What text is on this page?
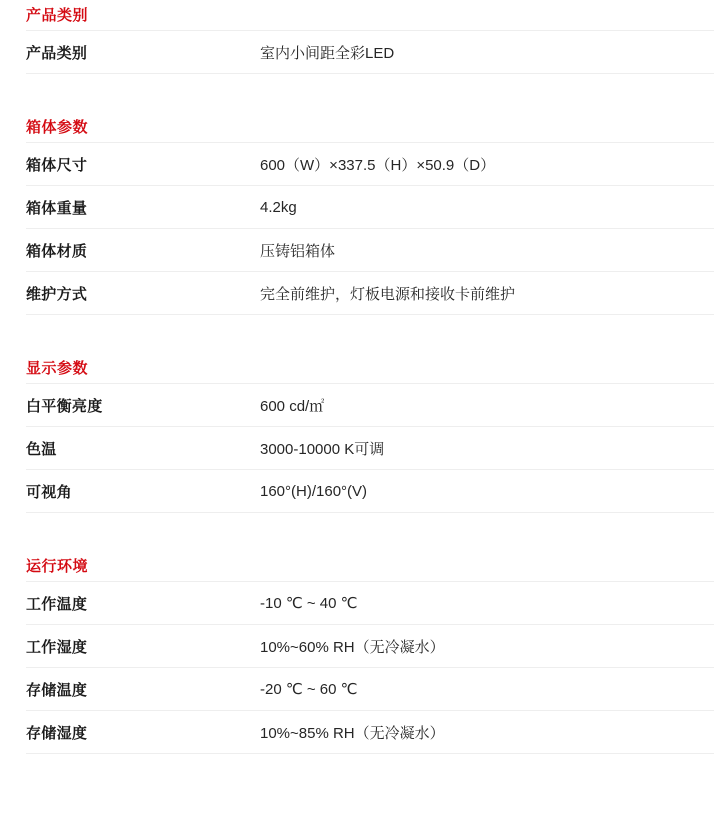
产品类别
产品类别	室内小间距全彩LED
箱体参数
箱体尺寸	600（W）×337.5（H）×50.9（D）
箱体重量	4.2kg
箱体材质	压铸铝箱体
维护方式	完全前维护，灯板电源和接收卡前维护
显示参数
白平衡亮度	600 cd/㎡
色温	3000-10000 K可调
可视角	160°(H)/160°(V)
运行环境
工作温度	-10 ℃ ~ 40 ℃
工作湿度	10%~60% RH（无冷凝水）
存储温度	-20 ℃ ~ 60 ℃
存储湿度	10%~85% RH（无冷凝水）
